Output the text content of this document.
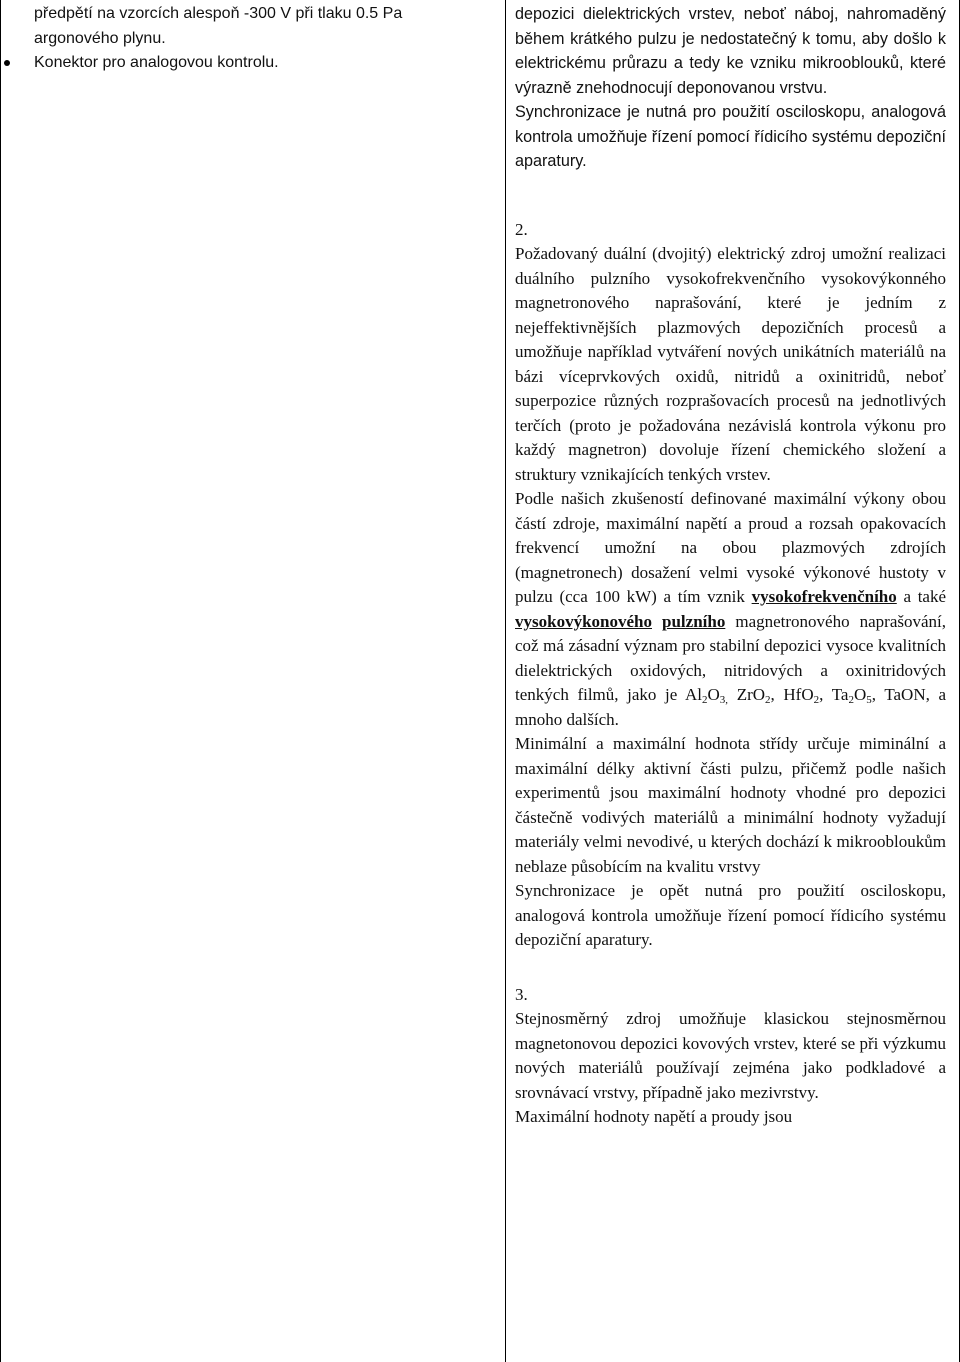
předpětí na vzorcích alespoň -300 V při tlaku 0.5 Pa argonového plynu.
Konektor pro analogovou kontrolu.

depozici dielektrických vrstev, neboť náboj, nahromaděný během krátkého pulzu je nedostatečný k tomu, aby došlo k elektrickému průrazu a tedy ke vzniku mikrooblouků, které výrazně znehodnocují deponovanou vrstvu.

Synchronizace je nutná pro použití osciloskopu, analogová kontrola umožňuje řízení pomocí řídicího systému depoziční aparatury.

2.

Požadovaný duální (dvojitý) elektrický zdroj umožní realizaci duálního pulzního vysokofrekvenčního vysokovýkonného magnetronového naprašování, které je jedním z nejeffektivnějších plazmových depozičních procesů a umožňuje například vytváření nových unikátních materiálů na bázi víceprvkových oxidů, nitridů a oxinitridů, neboť superpozice různých rozprašovacích procesů na jednotlivých terčích (proto je požadována nezávislá kontrola výkonu pro každý magnetron) dovoluje řízení chemického složení a struktury vznikajících tenkých vrstev.

Podle našich zkušeností definované maximální výkony obou částí zdroje, maximální napětí a proud a rozsah opakovacích frekvencí umožní na obou plazmových zdrojích (magnetronech) dosažení velmi vysoké výkonové hustoty v pulzu (cca 100 kW) a tím vznik vysokofrekvenčního a také vysokovýkonového pulzního magnetronového naprašování, což má zásadní význam pro stabilní depozici vysoce kvalitních dielektrických oxidových, nitridových a oxinitridových tenkých filmů, jako je $Al_2O_{3,}$ ZrO$_2$, HfO$_2$, $Ta_2O_5$, TaON, a mnoho dalších.

Minimální a maximální hodnota střídy určuje miminální a maximální délky aktivní části pulzu, přičemž podle našich experimentů jsou maximální hodnoty vhodné pro depozici částečně vodivých materiálů a minimální hodnoty vyžadují materiály velmi nevodivé, u kterých dochází k mikroobloukům neblaze působícím na kvalitu vrstvy

Synchronizace je opět nutná pro použití osciloskopu, analogová kontrola umožňuje řízení pomocí řídicího systému depoziční aparatury.

3.

Stejnosměrný zdroj umožňuje klasickou stejnosměrnou magnetonovou depozici kovových vrstev, které se při výzkumu nových materiálů používají zejména jako podkladové a srovnávací vrstvy, případně jako mezivrstvy.

Maximální hodnoty napětí a proudy jsou
